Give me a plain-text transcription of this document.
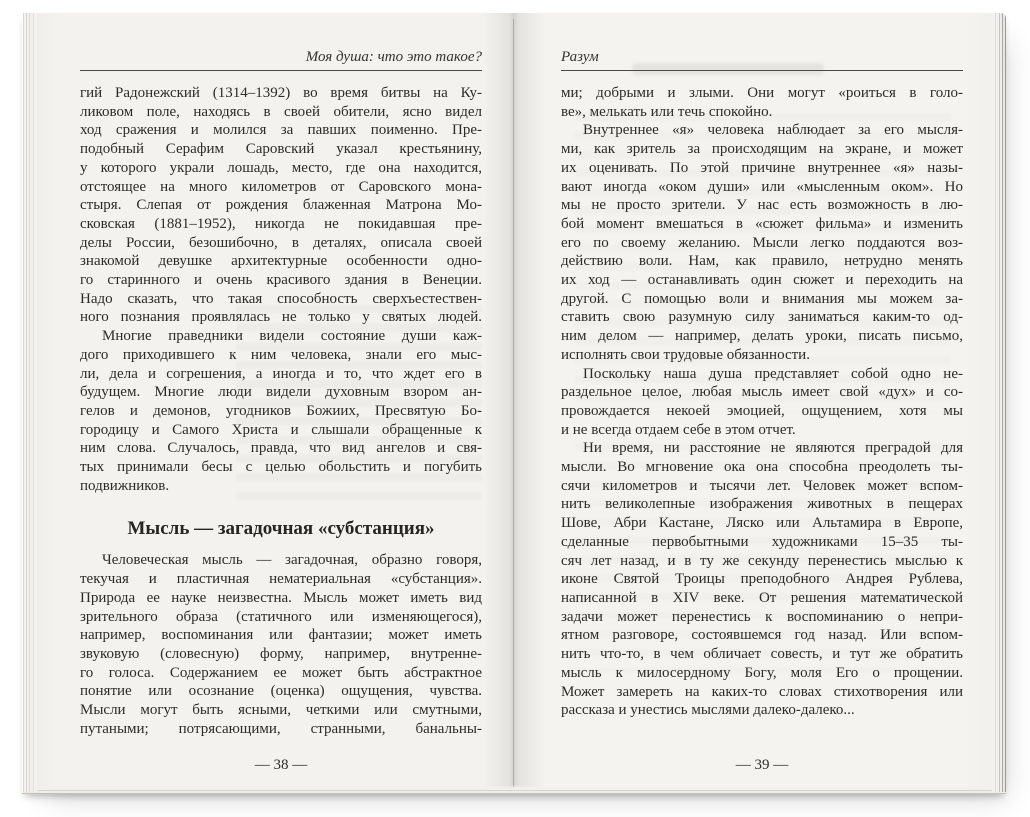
Моя душа: что это такое?
гий Радонежский (1314–1392) во время битвы на Ку-
ликовом поле, находясь в своей обители, ясно видел
ход сражения и молился за павших поименно. Пре-
подобный Серафим Саровский указал крестьянину,
у которого украли лошадь, место, где она находится,
отстоящее на много километров от Саровского мона-
стыря. Слепая от рождения блаженная Матрона Мо-
сковская (1881–1952), никогда не покидавшая пре-
делы России, безошибочно, в деталях, описала своей
знакомой девушке архитектурные особенности одно-
го старинного и очень красивого здания в Венеции.
Надо сказать, что такая способность сверхъестествен-
ного познания проявлялась не только у святых людей.
Многие праведники видели состояние души каж-
дого приходившего к ним человека, знали его мыс-
ли, дела и согрешения, а иногда и то, что ждет его в
будущем. Многие люди видели духовным взором ан-
гелов и демонов, угодников Божиих, Пресвятую Бо-
городицу и Самого Христа и слышали обращенные к
ним слова. Случалось, правда, что вид ангелов и свя-
тых принимали бесы с целью обольстить и погубить
подвижников.
Мысль — загадочная «субстанция»
Человеческая мысль — загадочная, образно говоря,
текучая и пластичная нематериальная «субстанция».
Природа ее науке неизвестна. Мысль может иметь вид
зрительного образа (статичного или изменяющегося),
например, воспоминания или фантазии; может иметь
звуковую (словесную) форму, например, внутренне-
го голоса. Содержанием ее может быть абстрактное
понятие или осознание (оценка) ощущения, чувства.
Мысли могут быть ясными, четкими или смутными,
путаными; потрясающими, странными, банальны-
— 38 —
Разум
ми; добрыми и злыми. Они могут «роиться в голо-
ве», мелькать или течь спокойно.
Внутреннее «я» человека наблюдает за его мысля-
ми, как зритель за происходящим на экране, и может
их оценивать. По этой причине внутреннее «я» назы-
вают иногда «оком души» или «мысленным оком». Но
мы не просто зрители. У нас есть возможность в лю-
бой момент вмешаться в «сюжет фильма» и изменить
его по своему желанию. Мысли легко поддаются воз-
действию воли. Нам, как правило, нетрудно менять
их ход — останавливать один сюжет и переходить на
другой. С помощью воли и внимания мы можем за-
ставить свою разумную силу заниматься каким-то од-
ним делом — например, делать уроки, писать письмо,
исполнять свои трудовые обязанности.
Поскольку наша душа представляет собой одно не-
раздельное целое, любая мысль имеет свой «дух» и со-
провождается некоей эмоцией, ощущением, хотя мы
и не всегда отдаем себе в этом отчет.
Ни время, ни расстояние не являются преградой для
мысли. Во мгновение ока она способна преодолеть ты-
сячи километров и тысячи лет. Человек может вспом-
нить великолепные изображения животных в пещерах
Шове, Абри Кастане, Ляско или Альтамира в Европе,
сделанные первобытными художниками 15–35 ты-
сяч лет назад, и в ту же секунду перенестись мыслью к
иконе Святой Троицы преподобного Андрея Рублева,
написанной в XIV веке. От решения математической
задачи может перенестись к воспоминанию о непри-
ятном разговоре, состоявшемся год назад. Или вспом-
нить что-то, в чем обличает совесть, и тут же обратить
мысль к милосердному Богу, моля Его о прощении.
Может замереть на каких-то словах стихотворения или
рассказа и унестись мыслями далеко-далеко...
— 39 —
